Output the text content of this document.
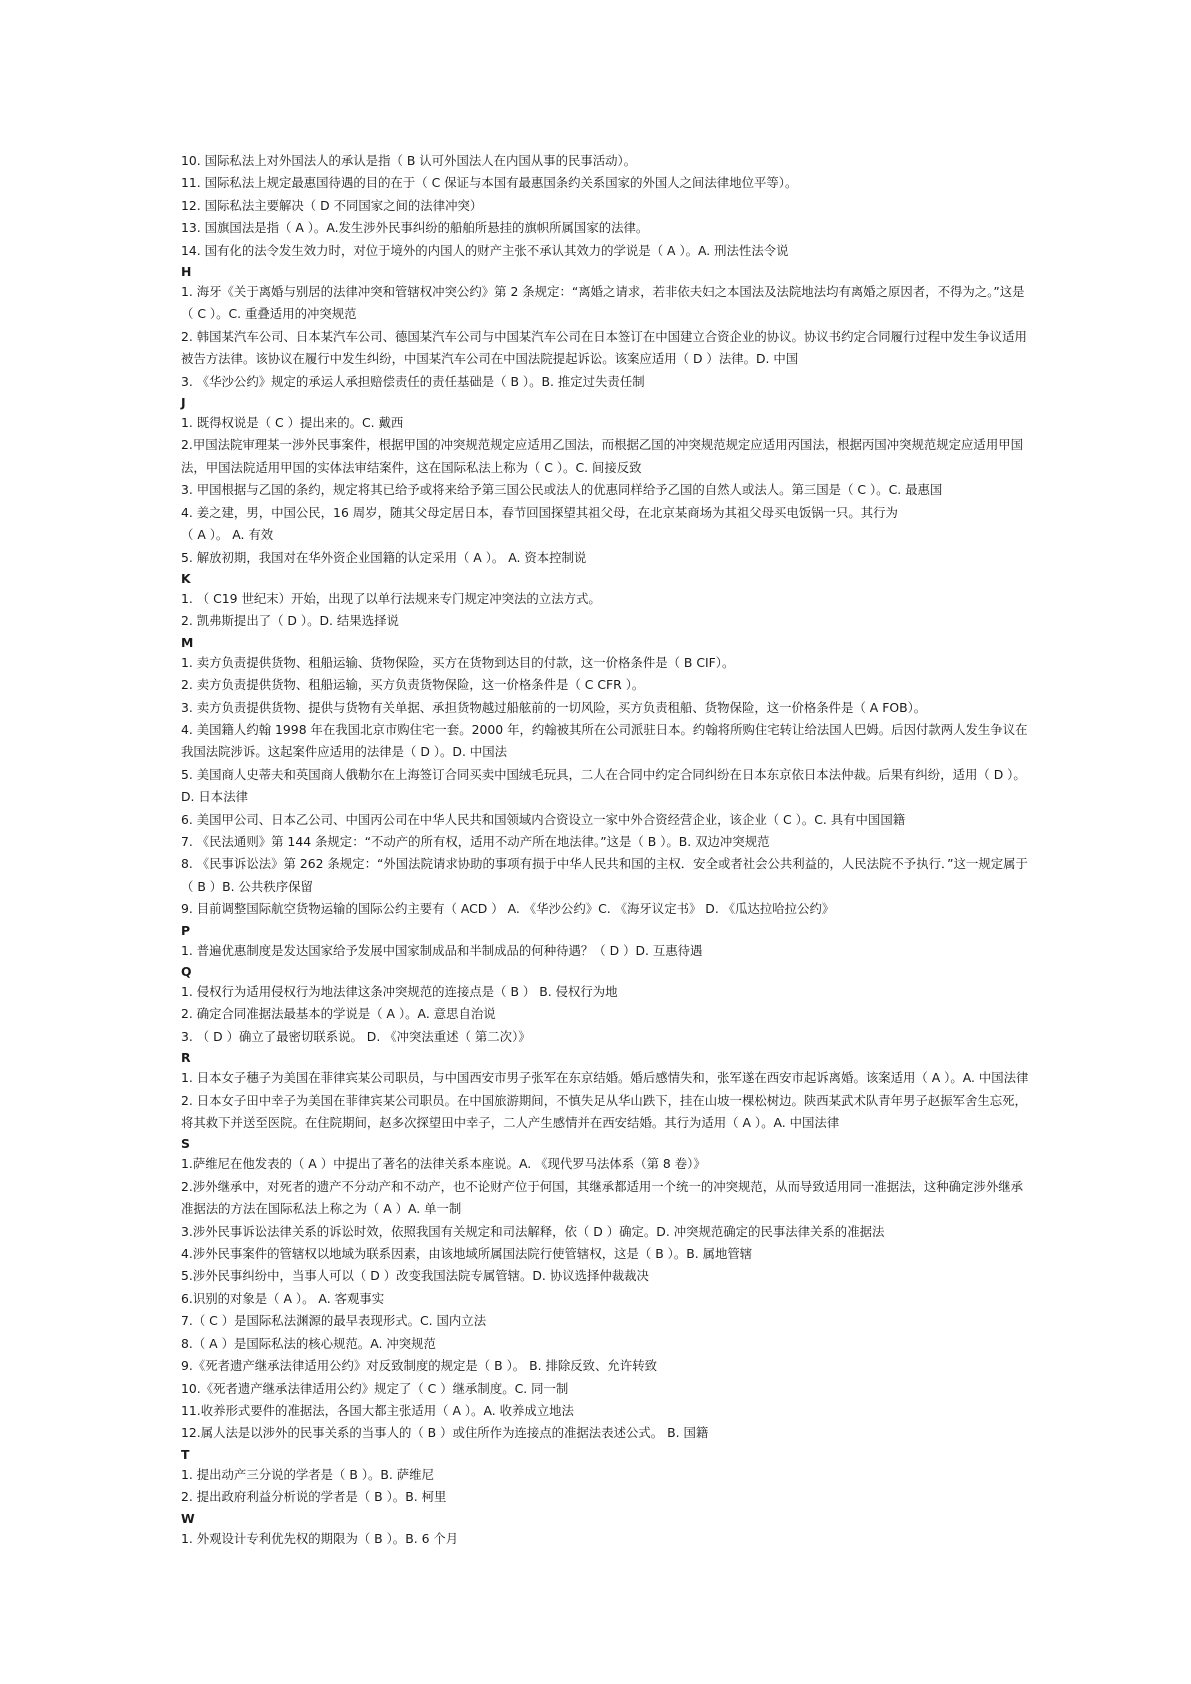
10. 国际私法上对外国法人的承认是指（ B 认可外国法人在内国从事的民事活动）。
11. 国际私法上规定最惠国待遇的目的在于（ C 保证与本国有最惠国条约关系国家的外国人之间法律地位平等）。
12. 国际私法主要解决（ D 不同国家之间的法律冲突）
13. 国旗国法是指（ A ）。A.发生涉外民事纠纷的船舶所悬挂的旗帜所属国家的法律。
14. 国有化的法令发生效力时，对位于境外的内国人的财产主张不承认其效力的学说是（ A ）。A. 刑法性法令说
H
1. 海牙《关于离婚与别居的法律冲突和管辖权冲突公约》第 2 条规定：“离婚之请求，若非依夫妇之本国法及法院地法均有离婚之原因者，不得为之。”这是（ C ）。C. 重叠适用的冲突规范
2. 韩国某汽车公司、日本某汽车公司、德国某汽车公司与中国某汽车公司在日本签订在中国建立合资企业的协议。协议书约定合同履行过程中发生争议适用被告方法律。该协议在履行中发生纠纷，中国某汽车公司在中国法院提起诉讼。该案应适用（ D ）法律。D. 中国
3. 《华沙公约》规定的承运人承担赔偿责任的责任基础是（ B ）。B. 推定过失责任制
J
1. 既得权说是（ C ）提出来的。C. 戴西
2.甲国法院审理某一涉外民事案件，根据甲国的冲突规范规定应适用乙国法，而根据乙国的冲突规范规定应适用丙国法，根据丙国冲突规范规定应适用甲国法，甲国法院适用甲国的实体法审结案件，这在国际私法上称为（ C ）。C. 间接反致
3. 甲国根据与乙国的条约，规定将其已给予或将来给予第三国公民或法人的优惠同样给予乙国的自然人或法人。第三国是（ C ）。C. 最惠国
4. 姜之建，男，中国公民，16 周岁，随其父母定居日本，春节回国探望其祖父母，在北京某商场为其祖父母买电饭锅一只。其行为
（ A ）。 A. 有效
5. 解放初期，我国对在华外资企业国籍的认定采用（ A ）。 A. 资本控制说
K
1. （ C19 世纪末）开始，出现了以单行法规来专门规定冲突法的立法方式。
2. 凯弗斯提出了（ D ）。D. 结果选择说
M
1. 卖方负责提供货物、租船运输、货物保险，买方在货物到达目的付款，这一价格条件是（ B CIF）。
2. 卖方负责提供货物、租船运输，买方负责货物保险，这一价格条件是（ C CFR ）。
3. 卖方负责提供货物、提供与货物有关单据、承担货物越过船舷前的一切风险，买方负责租船、货物保险，这一价格条件是（ A FOB）。
4. 美国籍人约翰 1998 年在我国北京市购住宅一套。2000 年，约翰被其所在公司派驻日本。约翰将所购住宅转让给法国人巴姆。后因付款两人发生争议在我国法院涉诉。这起案件应适用的法律是（ D ）。D. 中国法
5. 美国商人史蒂夫和英国商人俄勒尔在上海签订合同买卖中国绒毛玩具，二人在合同中约定合同纠纷在日本东京依日本法仲裁。后果有纠纷，适用（ D ）。 D. 日本法律
6. 美国甲公司、日本乙公司、中国丙公司在中华人民共和国领域内合资设立一家中外合资经营企业，该企业（ C ）。C. 具有中国国籍
7. 《民法通则》第 144 条规定：“不动产的所有权，适用不动产所在地法律。”这是（ B ）。B. 双边冲突规范
8. 《民事诉讼法》第 262 条规定：“外国法院请求协助的事项有损于中华人民共和国的主权．安全或者社会公共利益的，人民法院不予执行．”这一规定属于（ B ）B. 公共秩序保留
9. 目前调整国际航空货物运输的国际公约主要有（ ACD ） A. 《华沙公约》C. 《海牙议定书》 D. 《瓜达拉哈拉公约》
P
1. 普遍优惠制度是发达国家给予发展中国家制成品和半制成品的何种待遇？（ D ）D. 互惠待遇
Q
1. 侵权行为适用侵权行为地法律这条冲突规范的连接点是（ B ） B. 侵权行为地
2. 确定合同准据法最基本的学说是（ A ）。A. 意思自治说
3. （ D ）确立了最密切联系说。 D. 《冲突法重述（ 第二次）》
R
1. 日本女子穗子为美国在菲律宾某公司职员，与中国西安市男子张军在东京结婚。婚后感情失和，张军遂在西安市起诉离婚。该案适用（ A ）。A. 中国法律
2. 日本女子田中幸子为美国在菲律宾某公司职员。在中国旅游期间，不慎失足从华山跌下，挂在山坡一棵松树边。陕西某武术队青年男子赵振军舍生忘死，将其救下并送至医院。在住院期间，赵多次探望田中幸子，二人产生感情并在西安结婚。其行为适用（ A ）。A. 中国法律
S
1.萨维尼在他发表的（ A ）中提出了著名的法律关系本座说。A. 《现代罗马法体系（第 8 卷）》
2.涉外继承中，对死者的遗产不分动产和不动产，也不论财产位于何国，其继承都适用一个统一的冲突规范，从而导致适用同一准据法，这种确定涉外继承准据法的方法在国际私法上称之为（ A ）A. 单一制
3.涉外民事诉讼法律关系的诉讼时效，依照我国有关规定和司法解释，依（ D ）确定。D. 冲突规范确定的民事法律关系的准据法
4.涉外民事案件的管辖权以地域为联系因素，由该地域所属国法院行使管辖权，这是（ B ）。B. 属地管辖
5.涉外民事纠纷中，当事人可以（ D ）改变我国法院专属管辖。D. 协议选择仲裁裁决
6.识别的对象是（ A ）。 A. 客观事实
7.（ C ）是国际私法渊源的最早表现形式。C. 国内立法
8.（ A ）是国际私法的核心规范。A. 冲突规范
9.《死者遗产继承法律适用公约》对反致制度的规定是（ B ）。 B. 排除反致、允许转致
10.《死者遗产继承法律适用公约》规定了（ C ）继承制度。C. 同一制
11.收养形式要件的准据法，各国大都主张适用（ A ）。A. 收养成立地法
12.属人法是以涉外的民事关系的当事人的（ B ）或住所作为连接点的准据法表述公式。 B. 国籍
T
1. 提出动产三分说的学者是（ B ）。B. 萨维尼
2. 提出政府利益分析说的学者是（ B ）。B. 柯里
W
1. 外观设计专利优先权的期限为（ B ）。B. 6 个月
